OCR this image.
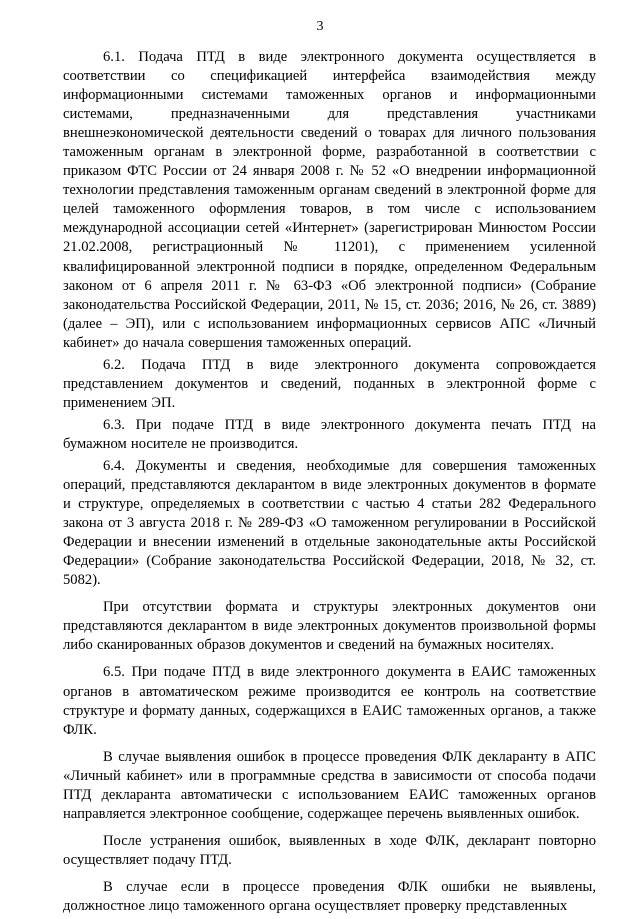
3

6.1. Подача ПТД в виде электронного документа осуществляется в соответствии со спецификацией интерфейса взаимодействия между информационными системами таможенных органов и информационными системами, предназначенными для представления участниками внешнеэкономической деятельности сведений о товарах для личного пользования таможенным органам в электронной форме, разработанной в соответствии с приказом ФТС России от 24 января 2008 г. № 52 «О внедрении информационной технологии представления таможенным органам сведений в электронной форме для целей таможенного оформления товаров, в том числе с использованием международной ассоциации сетей «Интернет» (зарегистрирован Минюстом России 21.02.2008, регистрационный № 11201), с применением усиленной квалифицированной электронной подписи в порядке, определенном Федеральным законом от 6 апреля 2011 г. № 63-ФЗ «Об электронной подписи» (Собрание законодательства Российской Федерации, 2011, № 15, ст. 2036; 2016, № 26, ст. 3889) (далее – ЭП), или с использованием информационных сервисов АПС «Личный кабинет» до начала совершения таможенных операций.

6.2. Подача ПТД в виде электронного документа сопровождается представлением документов и сведений, поданных в электронной форме с применением ЭП.

6.3. При подаче ПТД в виде электронного документа печать ПТД на бумажном носителе не производится.

6.4. Документы и сведения, необходимые для совершения таможенных операций, представляются декларантом в виде электронных документов в формате и структуре, определяемых в соответствии с частью 4 статьи 282 Федерального закона от 3 августа 2018 г. № 289-ФЗ «О таможенном регулировании в Российской Федерации и внесении изменений в отдельные законодательные акты Российской Федерации» (Собрание законодательства Российской Федерации, 2018, № 32, ст. 5082).

При отсутствии формата и структуры электронных документов они представляются декларантом в виде электронных документов произвольной формы либо сканированных образов документов и сведений на бумажных носителях.

6.5. При подаче ПТД в виде электронного документа в ЕАИС таможенных органов в автоматическом режиме производится ее контроль на соответствие структуре и формату данных, содержащихся в ЕАИС таможенных органов, а также ФЛК.

В случае выявления ошибок в процессе проведения ФЛК декларанту в АПС «Личный кабинет» или в программные средства в зависимости от способа подачи ПТД декларанта автоматически с использованием ЕАИС таможенных органов направляется электронное сообщение, содержащее перечень выявленных ошибок.

После устранения ошибок, выявленных в ходе ФЛК, декларант повторно осуществляет подачу ПТД.

В случае если в процессе проведения ФЛК ошибки не выявлены, должностное лицо таможенного органа осуществляет проверку представленных
